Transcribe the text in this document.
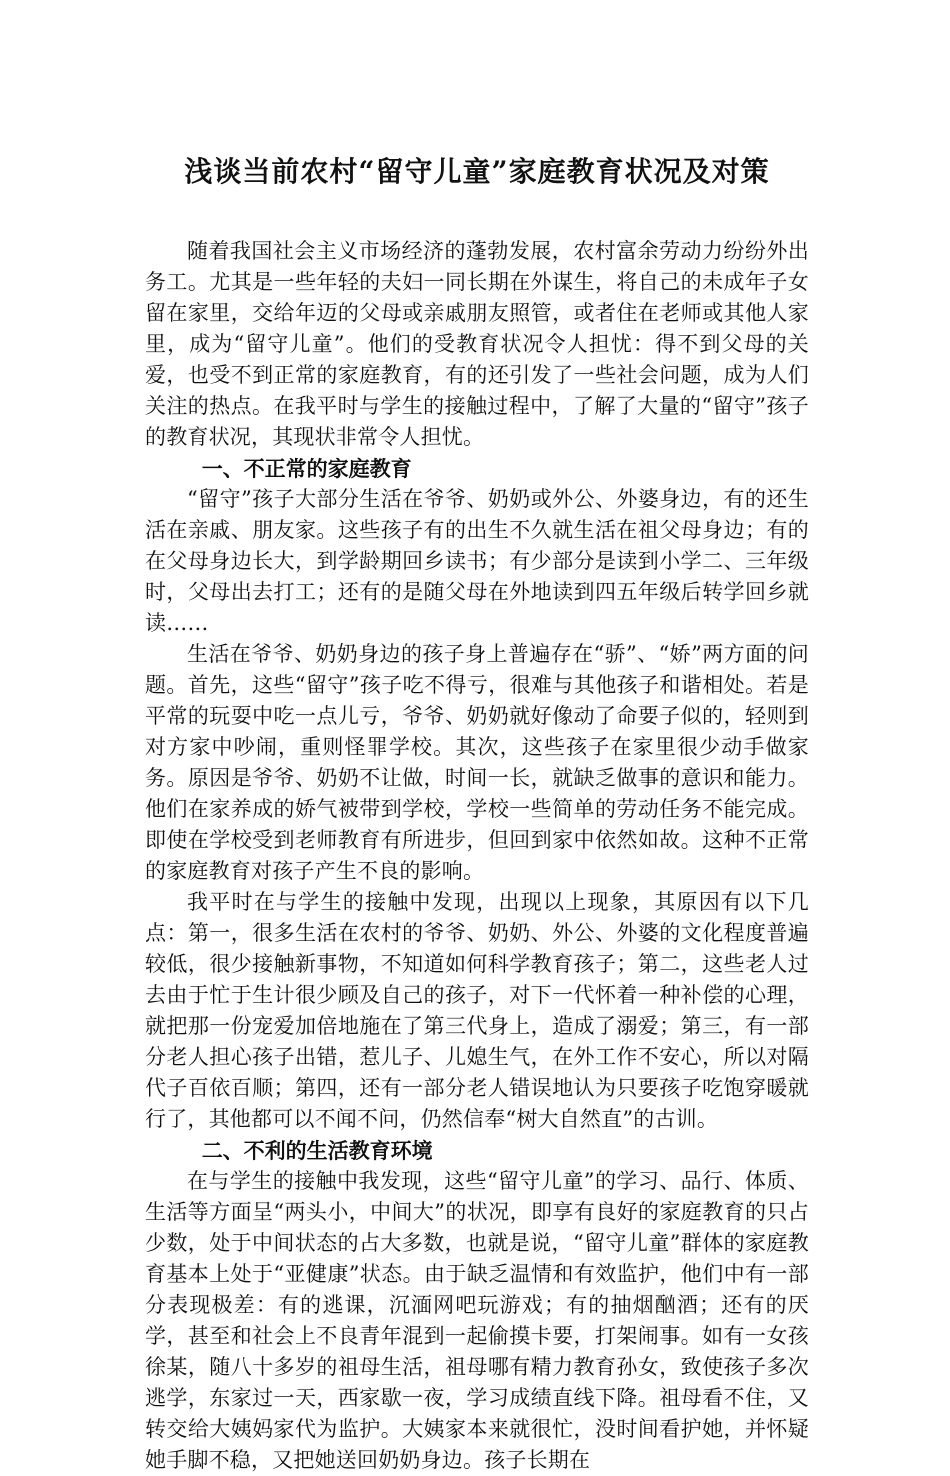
浅谈当前农村“留守儿童”家庭教育状况及对策

随着我国社会主义市场经济的蓬勃发展，农村富余劳动力纷纷外出务工。尤其是一些年轻的夫妇一同长期在外谋生，将自己的未成年子女留在家里，交给年迈的父母或亲戚朋友照管，或者住在老师或其他人家里，成为“留守儿童”。他们的受教育状况令人担忧：得不到父母的关爱，也受不到正常的家庭教育，有的还引发了一些社会问题，成为人们关注的热点。在我平时与学生的接触过程中，了解了大量的“留守”孩子的教育状况，其现状非常令人担忧。

一、不正常的家庭教育

“留守”孩子大部分生活在爷爷、奶奶或外公、外婆身边，有的还生活在亲戚、朋友家。这些孩子有的出生不久就生活在祖父母身边；有的在父母身边长大，到学龄期回乡读书；有少部分是读到小学二、三年级时，父母出去打工；还有的是随父母在外地读到四五年级后转学回乡就读……

生活在爷爷、奶奶身边的孩子身上普遍存在“骄”、“娇”两方面的问题。首先，这些“留守”孩子吃不得亏，很难与其他孩子和谐相处。若是平常的玩耍中吃一点儿亏，爷爷、奶奶就好像动了命要子似的，轻则到对方家中吵闹，重则怪罪学校。其次，这些孩子在家里很少动手做家务。原因是爷爷、奶奶不让做，时间一长，就缺乏做事的意识和能力。他们在家养成的娇气被带到学校，学校一些简单的劳动任务不能完成。即使在学校受到老师教育有所进步，但回到家中依然如故。这种不正常的家庭教育对孩子产生不良的影响。

我平时在与学生的接触中发现，出现以上现象，其原因有以下几点：第一，很多生活在农村的爷爷、奶奶、外公、外婆的文化程度普遍较低，很少接触新事物，不知道如何科学教育孩子；第二，这些老人过去由于忙于生计很少顾及自己的孩子，对下一代怀着一种补偿的心理，就把那一份宠爱加倍地施在了第三代身上，造成了溺爱；第三，有一部分老人担心孩子出错，惹儿子、儿媳生气，在外工作不安心，所以对隔代子百依百顺；第四，还有一部分老人错误地认为只要孩子吃饱穿暖就行了，其他都可以不闻不问，仍然信奉“树大自然直”的古训。

二、不利的生活教育环境

在与学生的接触中我发现，这些“留守儿童”的学习、品行、体质、生活等方面呈“两头小，中间大”的状况，即享有良好的家庭教育的只占少数，处于中间状态的占大多数，也就是说，“留守儿童”群体的家庭教育基本上处于“亚健康”状态。由于缺乏温情和有效监护，他们中有一部分表现极差：有的逃课，沉湎网吧玩游戏；有的抽烟酗酒；还有的厌学，甚至和社会上不良青年混到一起偷摸卡要，打架闹事。如有一女孩徐某，随八十多岁的祖母生活，祖母哪有精力教育孙女，致使孩子多次逃学，东家过一天，西家歇一夜，学习成绩直线下降。祖母看不住，又转交给大姨妈家代为监护。大姨家本来就很忙，没时间看护她，并怀疑她手脚不稳，又把她送回奶奶身边。孩子长期在
